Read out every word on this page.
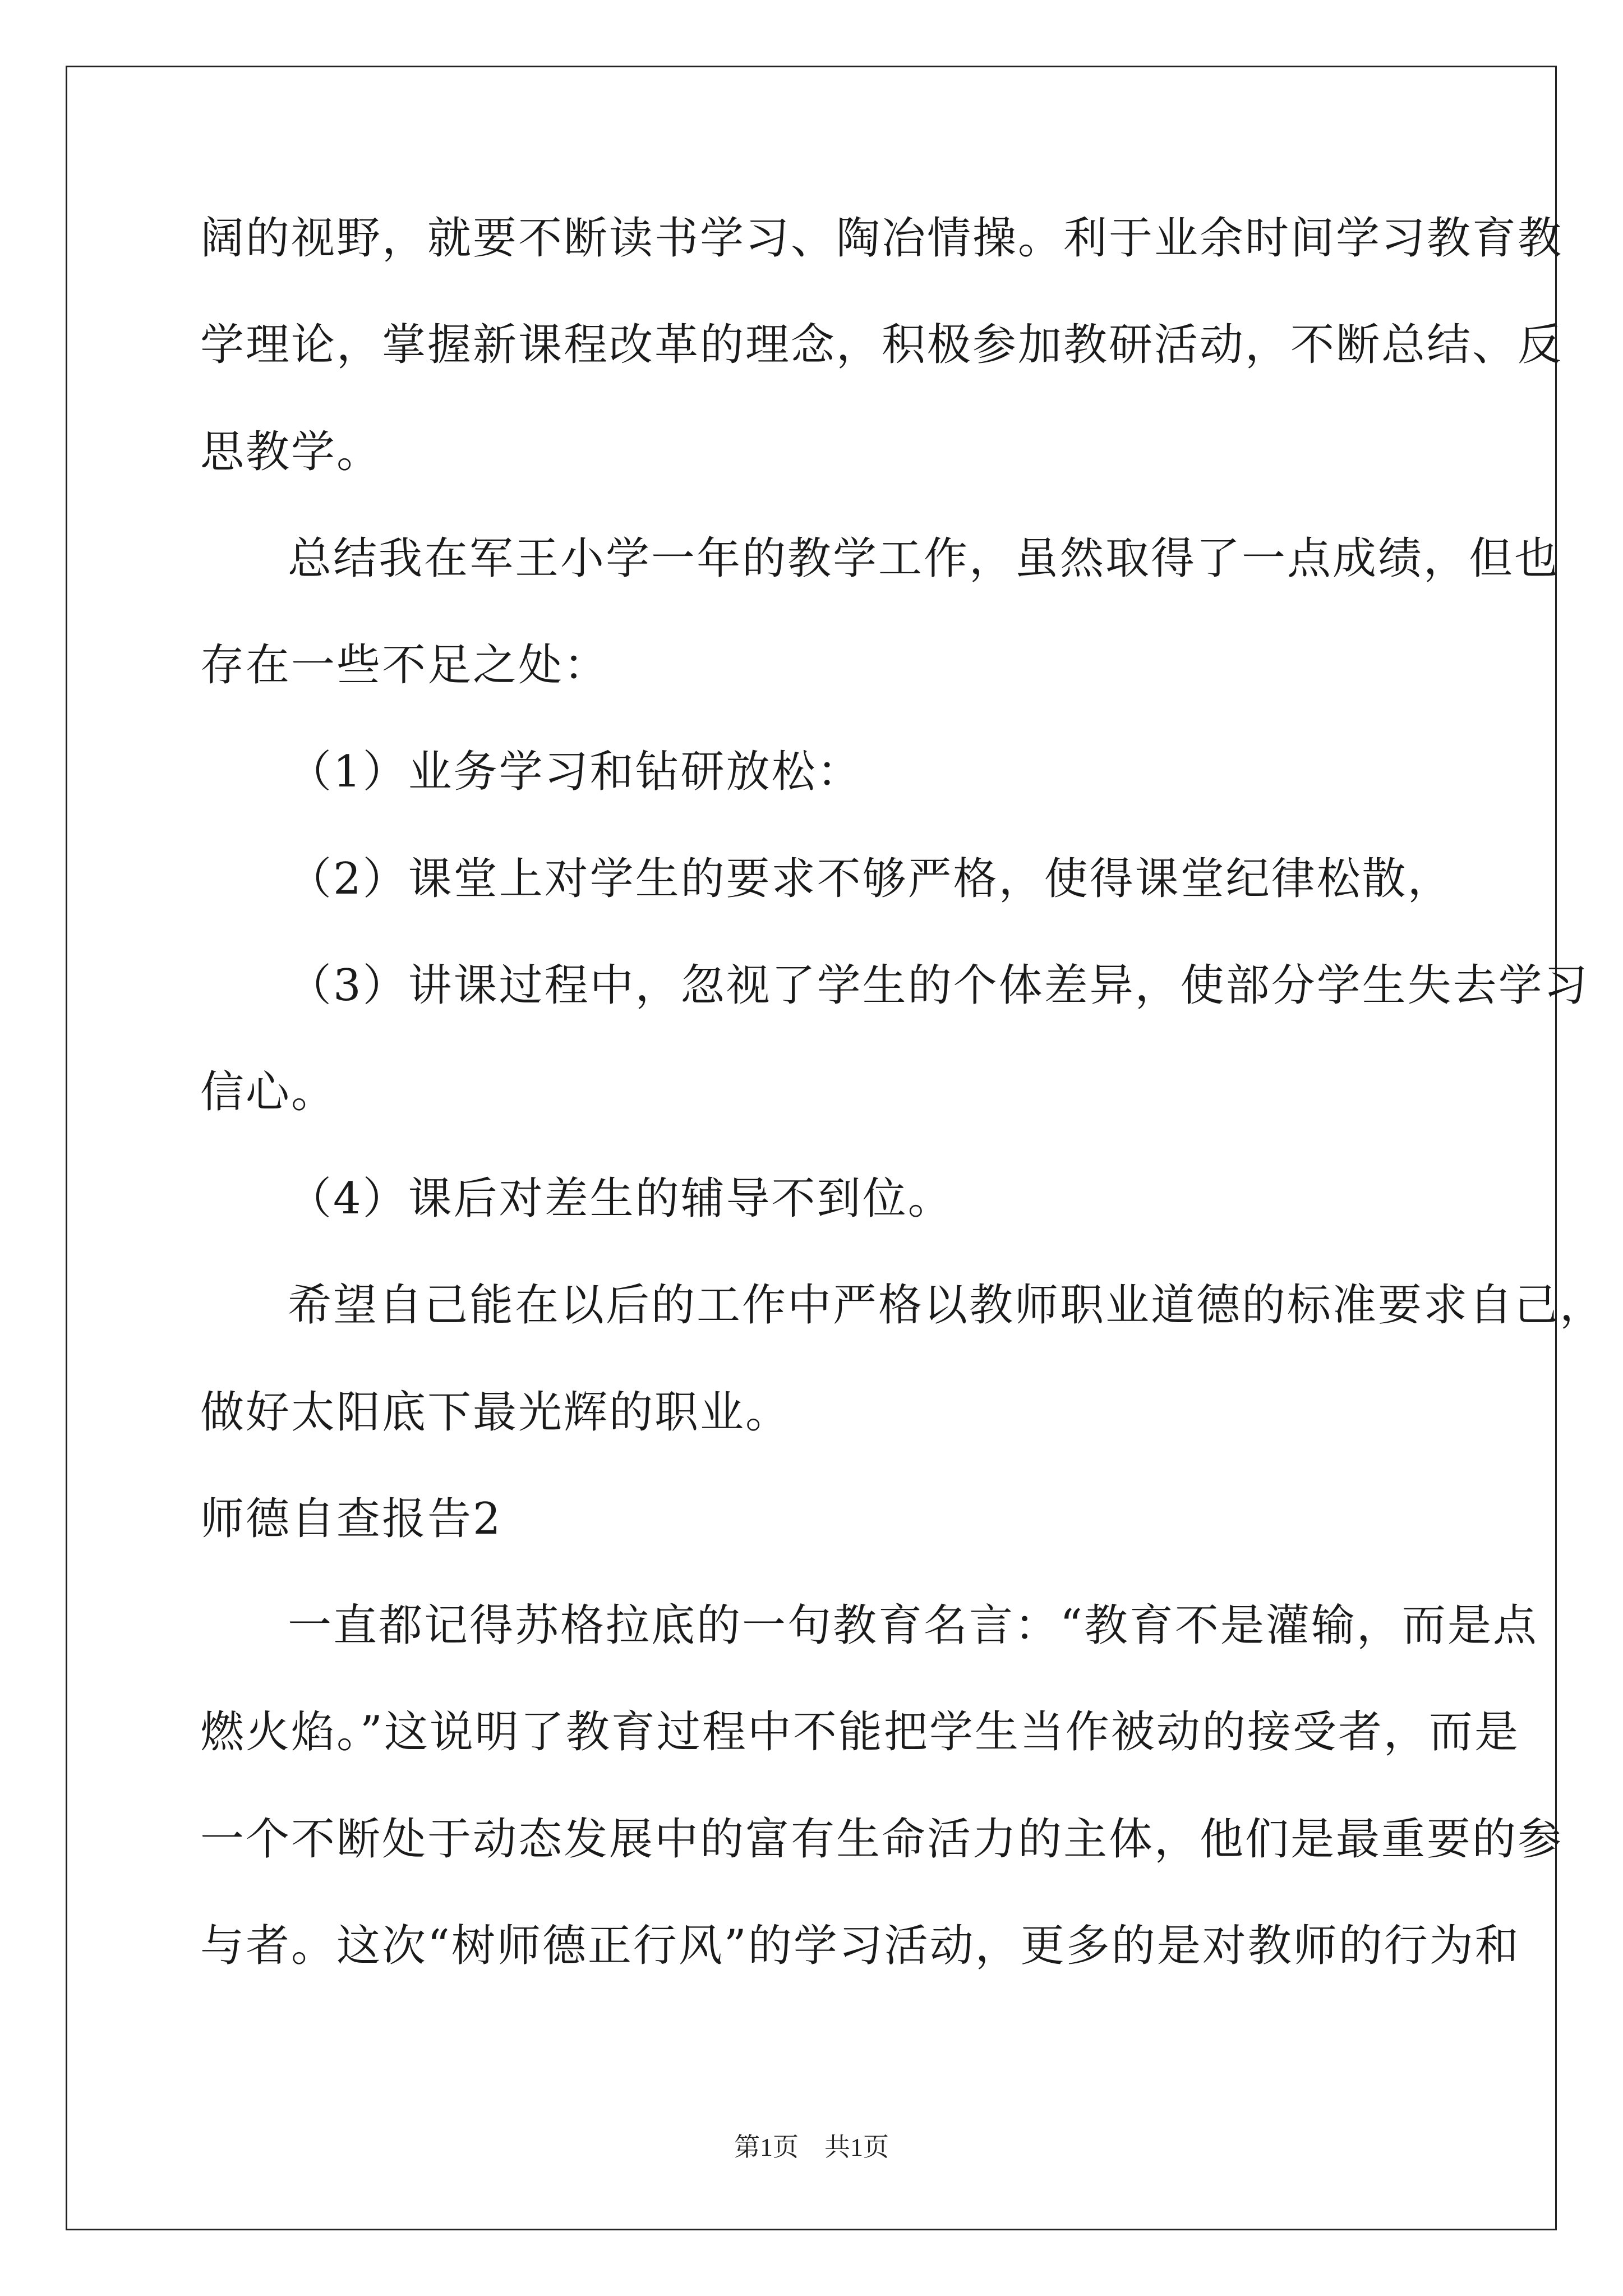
阔的视野，就要不断读书学习、陶冶情操。利于业余时间学习教育教
学理论，掌握新课程改革的理念，积极参加教研活动，不断总结、反
思教学。
总结我在军王小学一年的教学工作，虽然取得了一点成绩，但也
存在一些不足之处：
（1）业务学习和钻研放松：
（2）课堂上对学生的要求不够严格，使得课堂纪律松散，
（3）讲课过程中，忽视了学生的个体差异，使部分学生失去学习
信心。
（4）课后对差生的辅导不到位。
希望自己能在以后的工作中严格以教师职业道德的标准要求自己，
做好太阳底下最光辉的职业。
师德自查报告2
一直都记得苏格拉底的一句教育名言：“教育不是灌输，而是点
燃火焰。”这说明了教育过程中不能把学生当作被动的接受者，而是
一个不断处于动态发展中的富有生命活力的主体，他们是最重要的参
与者。这次“树师德正行风”的学习活动，更多的是对教师的行为和
第1页　共1页
